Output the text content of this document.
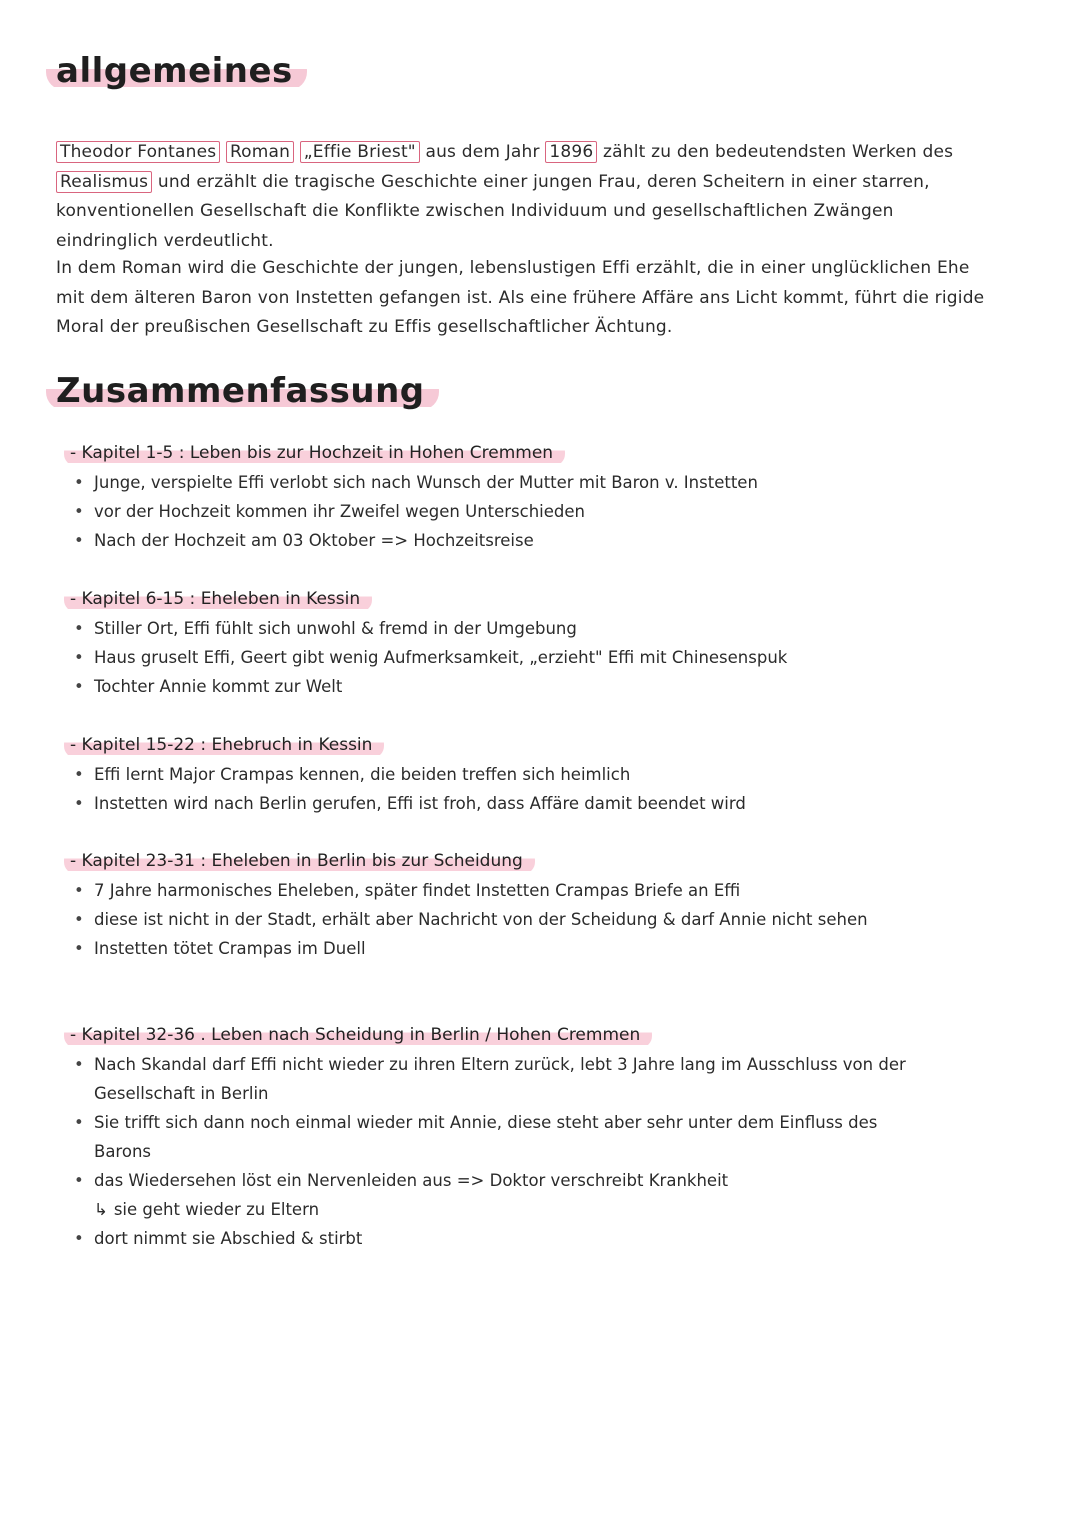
allgemeines

Theodor Fontanes Roman „Effie Briest" aus dem Jahr 1896 zählt zu den bedeutendsten Werken des Realismus und erzählt die tragische Geschichte einer jungen Frau, deren Scheitern in einer starren, konventionellen Gesellschaft die Konflikte zwischen Individuum und gesellschaftlichen Zwängen eindringlich verdeutlicht.

In dem Roman wird die Geschichte der jungen, lebenslustigen Effi erzählt, die in einer unglücklichen Ehe mit dem älteren Baron von Instetten gefangen ist. Als eine frühere Affäre ans Licht kommt, führt die rigide Moral der preußischen Gesellschaft zu Effis gesellschaftlicher Ächtung.

Zusammenfassung
- Kapitel 1-5 : Leben bis zur Hochzeit in Hohen Cremmen
• Junge, verspielte Effi verlobt sich nach Wunsch der Mutter mit Baron v. Instetten
• vor der Hochzeit kommen ihr Zweifel wegen Unterschieden
• Nach der Hochzeit am 03 Oktober => Hochzeitsreise
- Kapitel 6-15 : Eheleben in Kessin
• Stiller Ort, Effi fühlt sich unwohl & fremd in der Umgebung
• Haus gruselt Effi, Geert gibt wenig Aufmerksamkeit, „erzieht" Effi mit Chinesenspuk
• Tochter Annie kommt zur Welt
- Kapitel 15-22 : Ehebruch in Kessin
• Effi lernt Major Crampas kennen, die beiden treffen sich heimlich
• Instetten wird nach Berlin gerufen, Effi ist froh, dass Affäre damit beendet wird
- Kapitel 23-31 : Eheleben in Berlin bis zur Scheidung
• 7 Jahre harmonisches Eheleben, später findet Instetten Crampas Briefe an Effi
• diese ist nicht in der Stadt, erhält aber Nachricht von der Scheidung & darf Annie nicht sehen
• Instetten tötet Crampas im Duell
- Kapitel 32-36 . Leben nach Scheidung in Berlin / Hohen Cremmen
• Nach Skandal darf Effi nicht wieder zu ihren Eltern zurück, lebt 3 Jahre lang im Ausschluss von der Gesellschaft in Berlin
• Sie trifft sich dann noch einmal wieder mit Annie, diese steht aber sehr unter dem Einfluss des Barons
• das Wiedersehen löst ein Nervenleiden aus => Doktor verschreibt Krankheit
↳ sie geht wieder zu Eltern
• dort nimmt sie Abschied & stirbt
